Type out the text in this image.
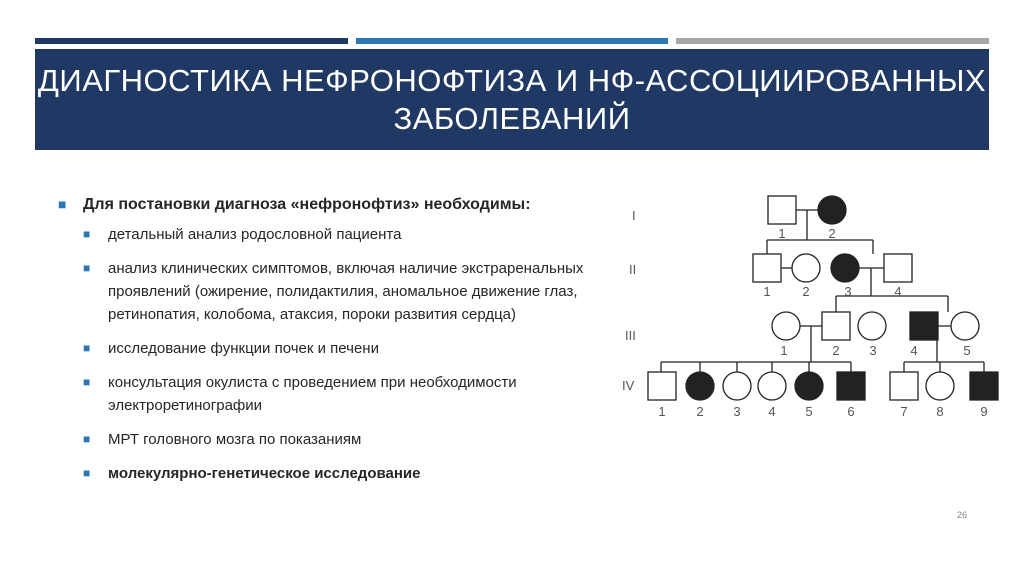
ДИАГНОСТИКА НЕФРОНОФТИЗА И НФ-АССОЦИИРОВАННЫХ ЗАБОЛЕВАНИЙ
■	Для постановки диагноза «нефронофтиз» необходимы:
■	детальный анализ родословной пациента
■	анализ клинических симптомов, включая наличие экстраренальных проявлений (ожирение, полидактилия, аномальное движение глаз, ретинопатия, колобома, атаксия, пороки развития сердца)
■	исследование функции почек и печени
■	консультация окулиста с проведением при необходимости электроретинографии
■	МРТ головного мозга по показаниям
■	молекулярно-генетическое исследование
I
II
III
IV
1	2
1 2	3	4
1	2 3	4	5
1 2 3 4 5	6	7 8	9
26
